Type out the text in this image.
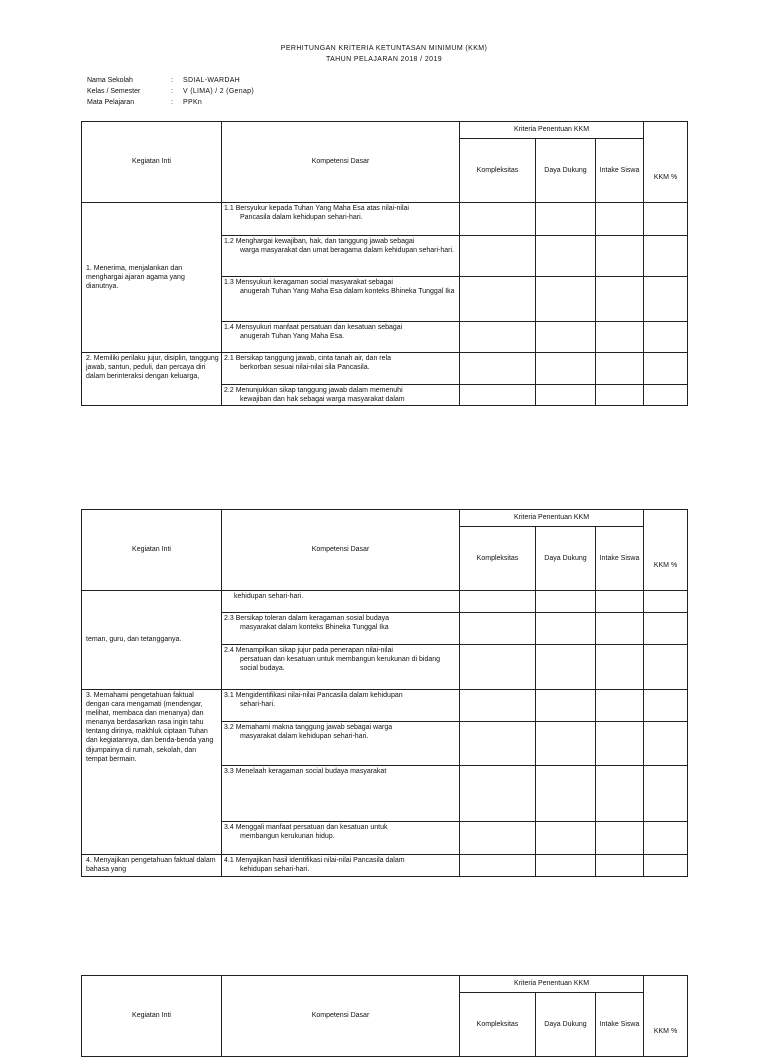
PERHITUNGAN KRITERIA KETUNTASAN MINIMUM (KKM)
TAHUN PELAJARAN 2018 / 2019
Nama Sekolah	:	SDIAL-WARDAH
Kelas / Semester	:	V (LIMA) / 2 (Genap)
Mata Pelajaran	:	PPKn
Kegiatan Inti	Kompetensi Dasar	Kriteria Penentuan KKM			KKM %
		Kompleksitas	Daya Dukung	Intake Siswa	
1. Menerima, menjalankan dan menghargai ajaran agama yang dianutnya.	1.1 Bersyukur kepada Tuhan Yang Maha Esa atas nilai-nilai
Pancasila dalam kehidupan sehari-hari.				

	1.2 Menghargai kewajiban, hak, dan tanggung jawab sebagai
warga masyarakat dan umat beragama dalam kehidupan sehari-hari.				

	1.3 Mensyukuri keragaman social masyarakat sebagai
anugerah Tuhan Yang Maha Esa dalam konteks Bhineka Tunggal Ika				

	1.4 Mensyukuri manfaat persatuan dan kesatuan sebagai
anugerah Tuhan Yang Maha Esa.				

2. Memiliki perilaku jujur, disiplin, tanggung jawab, santun, peduli, dan percaya diri dalam berinteraksi dengan keluarga,	2.1 Bersikap tanggung jawab, cinta tanah air, dan rela
berkorban sesuai nilai-nilai sila Pancasila.				

	2.2 Menunjukkan sikap tanggung jawab dalam memenuhi
kewajiban dan hak sebagai warga masyarakat dalam				

Kegiatan Inti	Kompetensi Dasar	Kriteria Penentuan KKM			KKM %
		Kompleksitas	Daya Dukung	Intake Siswa	
teman, guru, dan tetangganya.	kehidupan sehari-hari.				

	2.3 Bersikap toleran dalam keragaman sosial budaya
masyarakat dalam konteks Bhineka Tunggal Ika				

	2.4 Menampilkan sikap jujur pada penerapan nilai-nilai
persatuan dan kesatuan untuk membangun kerukunan di bidang social budaya.				

3. Memahami pengetahuan faktual dengan cara mengamati (mendengar, melihat, membaca dan menanya) dan menanya berdasarkan rasa ingin tahu tentang dirinya, makhluk ciptaan Tuhan dan kegiatannya, dan benda-benda yang dijumpainya di rumah, sekolah, dan tempat bermain.	3.1 Mengidentifikasi nilai-nilai Pancasila dalam kehidupan
sehari-hari.				

	3.2 Memahami makna tanggung jawab sebagai warga
masyarakat dalam kehidupan sehari-hari.				

	3.3 Menelaah keragaman social budaya masyarakat				
	3.4 Menggali manfaat persatuan dan kesatuan untuk
membangun kerukunan hidup.				

4. Menyajikan pengetahuan faktual dalam bahasa yang	4.1 Menyajikan hasil identifikasi nilai-nilai Pancasila dalam
kehidupan sehari-hari.				

Kegiatan Inti	Kompetensi Dasar	Kriteria Penentuan KKM			KKM %
		Kompleksitas	Daya Dukung	Intake Siswa	
